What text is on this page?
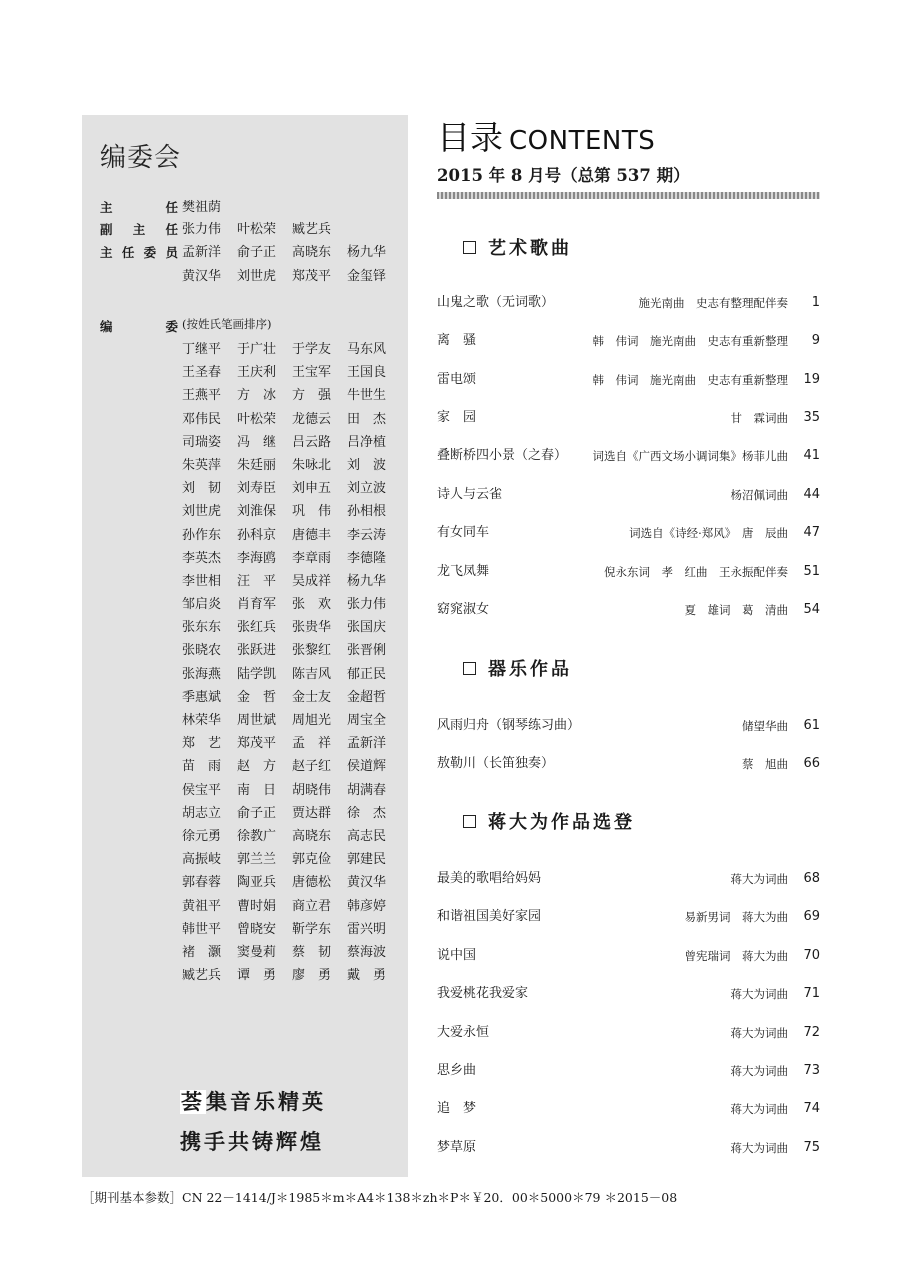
编委会
主	任 樊祖荫
副 主 任 张力伟	叶松荣	臧艺兵
主 任 委 员 孟新洋	俞子正	高晓东	杨九华
黄汉华	刘世虎	郑茂平	金玺铎
编	委 (按姓氏笔画排序)
丁继平	于广壮	于学友	马东风
王圣春	王庆利	王宝军	王国良
王燕平	方　冰	方　强	牛世生
邓伟民	叶松荣	龙德云	田　杰
司瑞姿	冯　继	吕云路	吕净植
朱英萍	朱廷丽	朱咏北	刘　波
刘　韧	刘寿臣	刘申五	刘立波
刘世虎	刘淮保	巩　伟	孙相根
孙作东	孙科京	唐德丰	李云涛
李英杰	李海鸥	李章雨	李德隆
李世相	汪　平	吴成祥	杨九华
邹启炎	肖育军	张　欢	张力伟
张东东	张红兵	张贵华	张国庆
张晓农	张跃进	张黎红	张晋俐
张海燕	陆学凯	陈吉风	郁正民
季惠斌	金　哲	金士友	金超哲
林荣华	周世斌	周旭光	周宝全
郑　艺	郑茂平	孟　祥	孟新洋
苗　雨	赵　方	赵子红	侯道辉
侯宝平	南　日	胡晓伟	胡满春
胡志立	俞子正	贾达群	徐　杰
徐元勇	徐教广	高晓东	高志民
高振岐	郭兰兰	郭克俭	郭建民
郭春蓉	陶亚兵	唐德松	黄汉华
黄祖平	曹时娟	商立君	韩彦婷
韩世平	曾晓安	靳学东	雷兴明
褚　灏	窦曼莉	蔡　韧	蔡海波
臧艺兵	谭　勇	廖　勇	戴　勇
荟集音乐精英
携手共铸辉煌
目录 CONTENTS
2015 年 8 月号（总第 537 期）
艺术歌曲
山鬼之歌（无词歌）	施光南曲　史志有整理配伴奏	1
离　骚	韩　伟词　施光南曲　史志有重新整理	9
雷电颂	韩　伟词　施光南曲　史志有重新整理	19
家　园	甘　霖词曲	35
叠断桥四小景（之春） 词选自《广西文场小调词集》杨菲儿曲	41
诗人与云雀	杨沼佩词曲	44
有女同车	词选自《诗经·郑风》　唐　辰曲	47
龙飞凤舞	倪永东词　孝　红曲　王永振配伴奏	51
窈窕淑女	夏　雄词　葛　清曲	54
器乐作品
风雨归舟（钢琴练习曲）	储望华曲	61
敖勒川（长笛独奏）	蔡　旭曲	66
蒋大为作品选登
最美的歌唱给妈妈	蒋大为词曲	68
和谐祖国美好家园	易新男词　蒋大为曲	69
说中国	曾宪瑞词　蒋大为曲	70
我爱桃花我爱家	蒋大为词曲	71
大爱永恒	蒋大为词曲	72
思乡曲	蒋大为词曲	73
追　梦	蒋大为词曲	74
梦草原	蒋大为词曲	75
［期刊基本参数］CN 22－1414/J＊1985＊m＊A4＊138＊zh＊P＊￥20．00＊5000＊79 ＊2015－08
